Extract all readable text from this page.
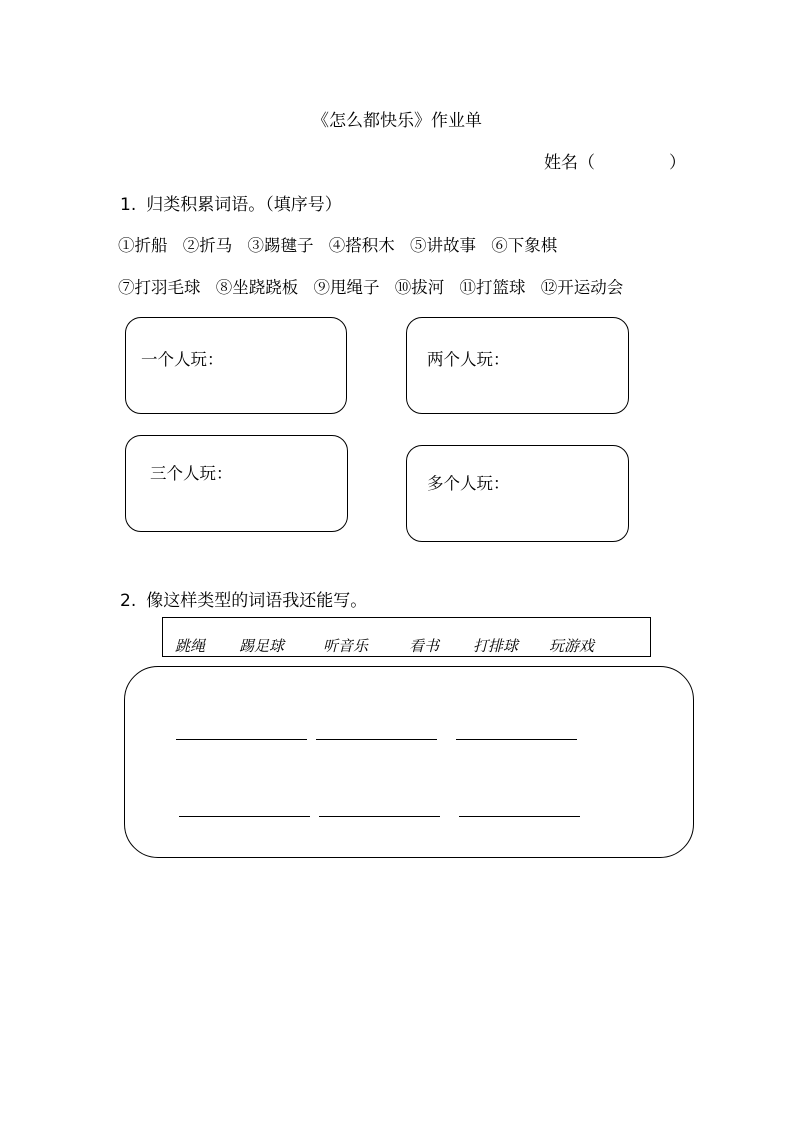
《怎么都快乐》作业单
姓名（	）
1. 归类积累词语。（填序号）
①折船 ②折马 ③踢毽子 ④搭积木 ⑤讲故事 ⑥下象棋
⑦打羽毛球 ⑧坐跷跷板 ⑨甩绳子 ⑩拔河 ⑪打篮球 ⑫开运动会
一个人玩：	两个人玩：
三个人玩：
多个人玩：
2. 像这样类型的词语我还能写。
跳绳 踢足球	听音乐	看书 打排球 玩游戏
